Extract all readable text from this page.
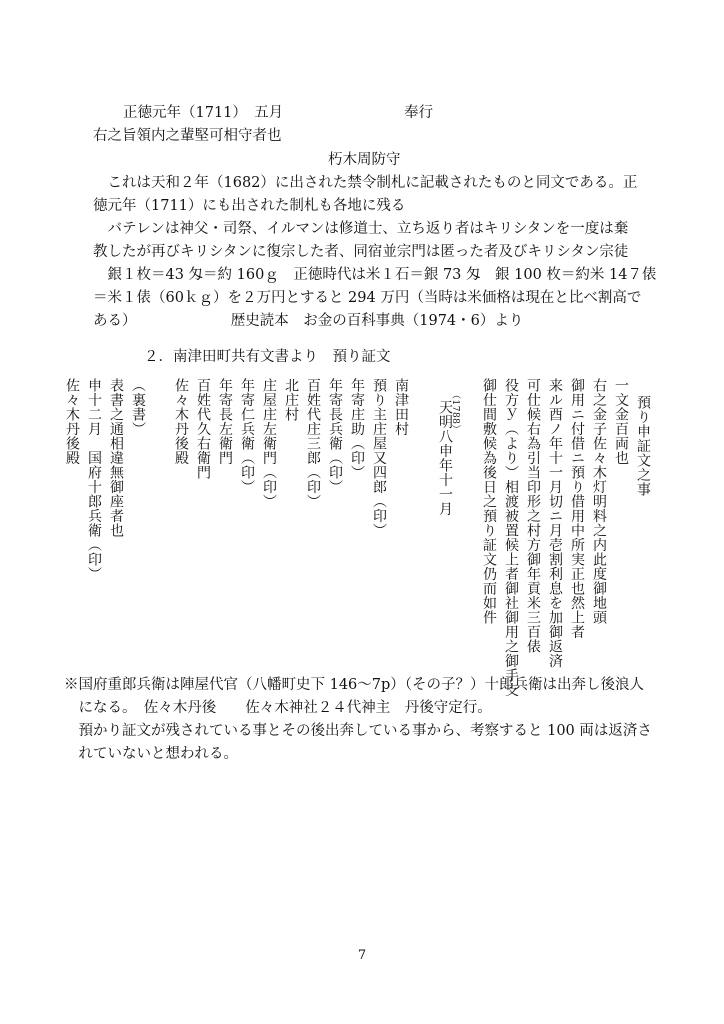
正徳元年（1711）　五月	奉行
右之旨領内之輩堅可相守者也
朽木周防守
　これは天和２年（1682）に出された禁令制札に記載されたものと同文である。正
徳元年（1711）にも出された制札も各地に残る
　バテレンは神父・司祭、イルマンは修道士、立ち返り者はキリシタンを一度は棄
教したが再びキリシタンに復宗した者、同宿並宗門は匿った者及びキリシタン宗徒
　銀１枚＝43 匁＝約 160ｇ　正徳時代は米１石＝銀 73 匁　銀 100 枚＝約米 14７俵
＝米１俵（60ｋｇ）を２万円とすると 294 万円（当時は米価格は現在と比べ割高で
ある）　　　　　　　歴史読本　お金の百科事典（1974・6）より
２．南津田町共有文書より　預り証文
預り申証文之事
一文金百両也
右之金子佐々木灯明料之内此度御地頭
御用ニ付借ニ預り借用中所実正也然上者
来ル酉ノ年十一月切ニ月壱割利息を加御返済
可仕候右為引当印形之村方御年貢米三百俵
役方ｙ（より）相渡被置候上者御社御用之御手支
御仕間敷候為後日之預り証文仍而如件
天明八申年十一月
（1788）
南津田村
預り主庄屋又四郎（印）
年寄庄助（印）
年寄長兵衛（印）
百姓代庄三郎（印）
北庄村
庄屋庄左衛門（印）
年寄仁兵衛（印）
年寄長左衛門
百姓代久右衛門
佐々木丹後殿
（裏書）
表書之通相違無御座者也
申十二月　国府十郎兵衛（印）
佐々木丹後殿
※国府重郎兵衛は陣屋代官（八幡町史下 146～7p）（その子？）十郎兵衛は出奔し後浪人
　になる。　佐々木丹後　　佐々木神社２４代神主　丹後守定行。
　預かり証文が残されている事とその後出奔している事から、考察すると 100 両は返済さ
　れていないと想われる。
7
